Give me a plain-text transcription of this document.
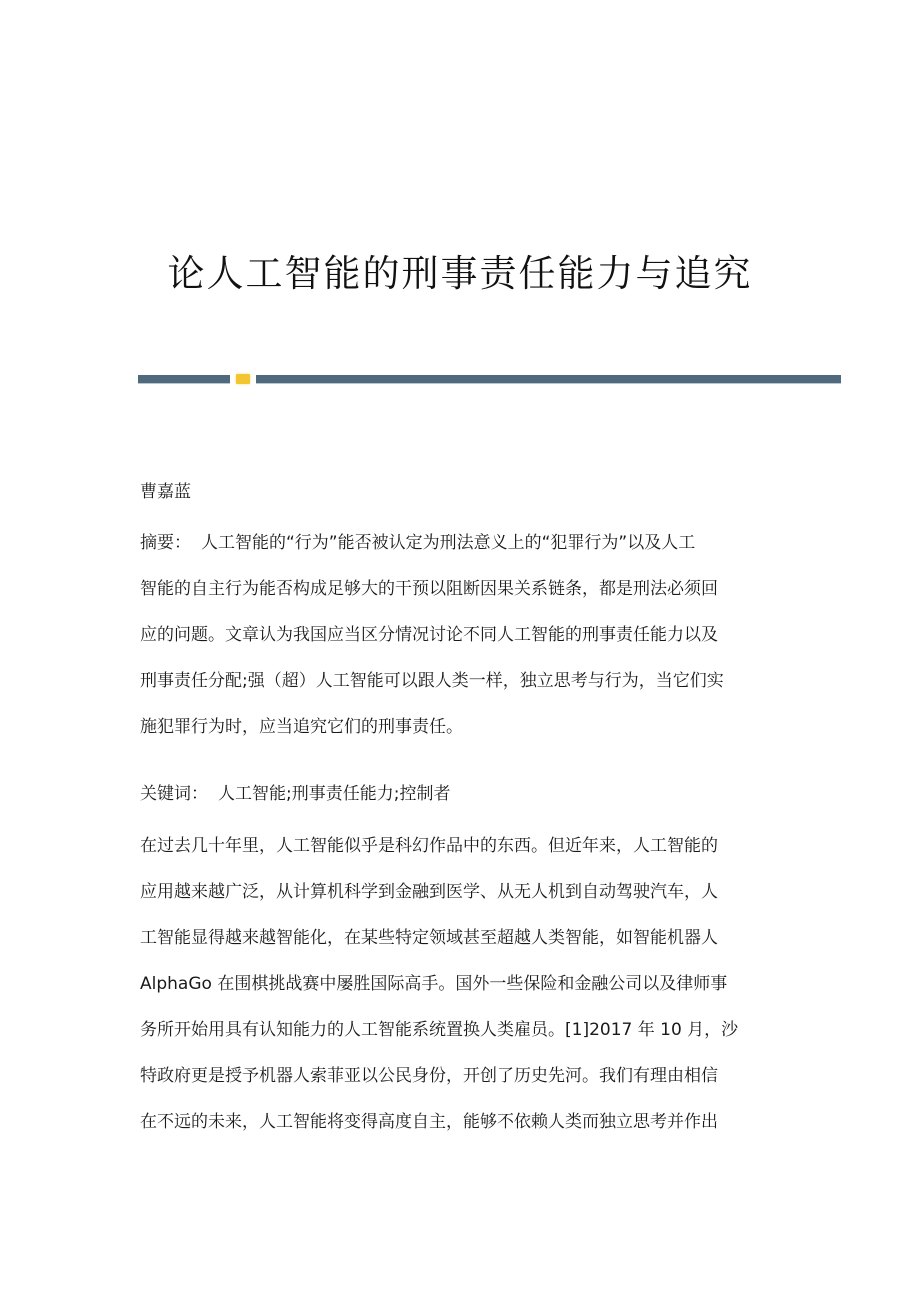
论人工智能的刑事责任能力与追究
曹嘉蓝
摘要： 人工智能的“行为”能否被认定为刑法意义上的“犯罪行为”以及人工
智能的自主行为能否构成足够大的干预以阻断因果关系链条，都是刑法必须回
应的问题。文章认为我国应当区分情况讨论不同人工智能的刑事责任能力以及
刑事责任分配;强（超）人工智能可以跟人类一样，独立思考与行为，当它们实
施犯罪行为时，应当追究它们的刑事责任。
关键词： 人工智能;刑事责任能力;控制者
在过去几十年里，人工智能似乎是科幻作品中的东西。但近年来，人工智能的
应用越来越广泛，从计算机科学到金融到医学、从无人机到自动驾驶汽车，人
工智能显得越来越智能化，在某些特定领域甚至超越人类智能，如智能机器人
AlphaGo 在围棋挑战赛中屡胜国际高手。国外一些保险和金融公司以及律师事
务所开始用具有认知能力的人工智能系统置换人类雇员。[1]2017 年 10 月，沙
特政府更是授予机器人索菲亚以公民身份，开创了历史先河。我们有理由相信
在不远的未来，人工智能将变得高度自主，能够不依赖人类而独立思考并作出
